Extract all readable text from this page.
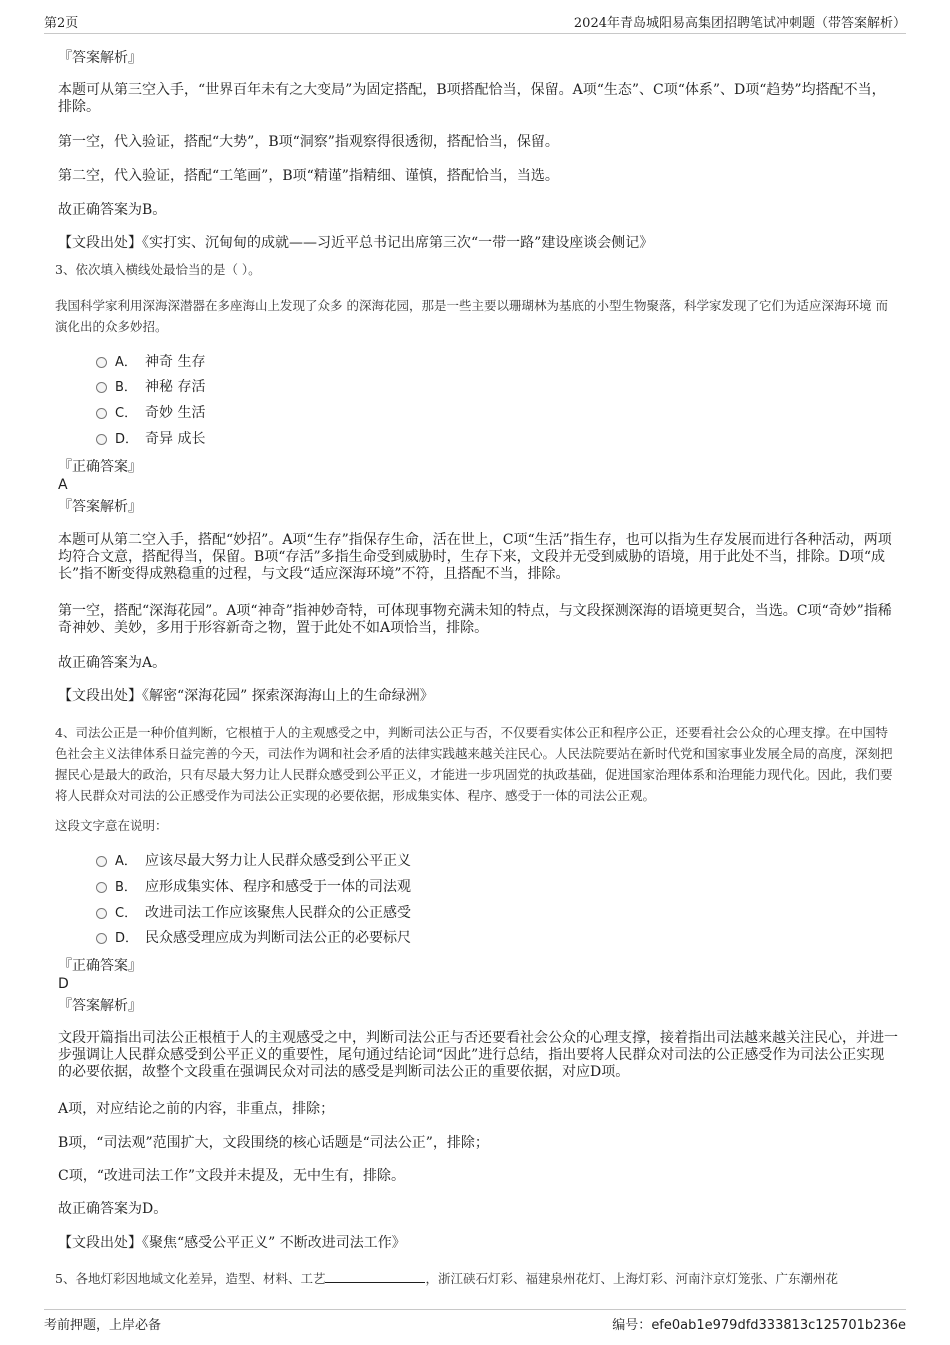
第2页	2024年青岛城阳易高集团招聘笔试冲刺题（带答案解析）
『答案解析』
本题可从第三空入手，“世界百年未有之大变局”为固定搭配，B项搭配恰当，保留。A项“生态”、C项“体系”、D项“趋势”均搭配不当，排除。
第一空，代入验证，搭配“大势”，B项“洞察”指观察得很透彻，搭配恰当，保留。
第二空，代入验证，搭配“工笔画”，B项“精谨”指精细、谨慎，搭配恰当，当选。
故正确答案为B。
【文段出处】《实打实、沉甸甸的成就——习近平总书记出席第三次“一带一路”建设座谈会侧记》
3、依次填入横线处最恰当的是（ ）。
我国科学家利用深海深潜器在多座海山上发现了众多 的深海花园，那是一些主要以珊瑚林为基底的小型生物聚落，科学家发现了它们为适应深海环境 而演化出的众多妙招。
A． 神奇 生存
B． 神秘 存活
C． 奇妙 生活
D． 奇异 成长
『正确答案』
A
『答案解析』
本题可从第二空入手，搭配“妙招”。A项“生存”指保存生命，活在世上，C项“生活”指生存，也可以指为生存发展而进行各种活动，两项均符合文意，搭配得当，保留。B项“存活”多指生命受到威胁时，生存下来，文段并无受到威胁的语境，用于此处不当，排除。D项“成长”指不断变得成熟稳重的过程，与文段“适应深海环境”不符，且搭配不当，排除。
第一空，搭配“深海花园”。A项“神奇”指神妙奇特，可体现事物充满未知的特点，与文段探测深海的语境更契合，当选。C项“奇妙”指稀奇神妙、美妙，多用于形容新奇之物，置于此处不如A项恰当，排除。
故正确答案为A。
【文段出处】《解密“深海花园” 探索深海海山上的生命绿洲》
4、司法公正是一种价值判断，它根植于人的主观感受之中，判断司法公正与否，不仅要看实体公正和程序公正，还要看社会公众的心理支撑。在中国特色社会主义法律体系日益完善的今天，司法作为调和社会矛盾的法律实践越来越关注民心。人民法院要站在新时代党和国家事业发展全局的高度，深刻把握民心是最大的政治，只有尽最大努力让人民群众感受到公平正义，才能进一步巩固党的执政基础，促进国家治理体系和治理能力现代化。因此，我们要将人民群众对司法的公正感受作为司法公正实现的必要依据，形成集实体、程序、感受于一体的司法公正观。
这段文字意在说明：
A． 应该尽最大努力让人民群众感受到公平正义
B． 应形成集实体、程序和感受于一体的司法观
C． 改进司法工作应该聚焦人民群众的公正感受
D． 民众感受理应成为判断司法公正的必要标尺
『正确答案』
D
『答案解析』
文段开篇指出司法公正根植于人的主观感受之中，判断司法公正与否还要看社会公众的心理支撑，接着指出司法越来越关注民心，并进一步强调让人民群众感受到公平正义的重要性，尾句通过结论词“因此”进行总结，指出要将人民群众对司法的公正感受作为司法公正实现的必要依据，故整个文段重在强调民众对司法的感受是判断司法公正的重要依据，对应D项。
A项，对应结论之前的内容，非重点，排除；
B项，“司法观”范围扩大，文段围绕的核心话题是“司法公正”，排除；
C项，“改进司法工作”文段并未提及，无中生有，排除。
故正确答案为D。
【文段出处】《聚焦“感受公平正义” 不断改进司法工作》
5、各地灯彩因地域文化差异，造型、材料、工艺	，浙江硖石灯彩、福建泉州花灯、上海灯彩、河南汴京灯笼张、广东潮州花
考前押题，上岸必备	编号：efe0ab1e979dfd333813c125701b236e
